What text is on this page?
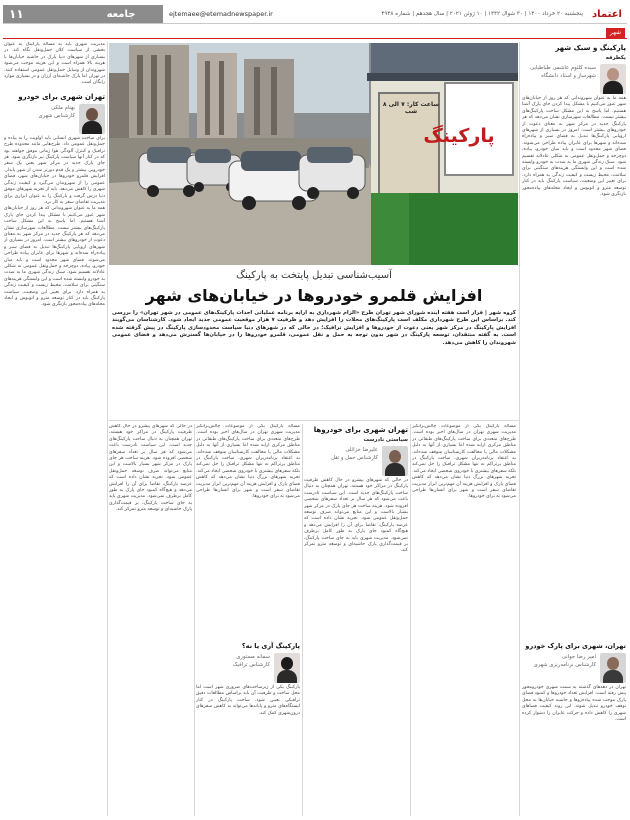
اعتماد
پنجشنبه ۲۰ خرداد ۱۴۰۰ | ۳۰ شوال ۱۴۴۲ | ۱۰ ژوئن ۲۰۲۱ | سال هجدهم | شماره ۴۹۴۸
ejtemaee@etemadnewspaper.ir
جامعه
۱۱
شهر
پارکینگ و سبک شهر
یکطرفه
سیده کلثوم عاشمی طباطبایی
شهرساز و استاد دانشگاه

همه ما به عنوان شهروندانی که هر روز از خیابان‌های شهر عبور می‌کنیم با مشکل پیدا کردن جای پارک آشنا هستیم. اما پاسخ به این مشکل ساخت پارکینگ‌های بیشتر نیست. مطالعات شهرسازی نشان می‌دهد که هر پارکینگ جدید در مرکز شهر به معنای دعوت از خودروهای بیشتر است. امروز در بسیاری از شهرهای اروپایی پارکینگ‌ها تبدیل به فضای سبز و پیاده‌راه شده‌اند و شهرها برای عابران پیاده طراحی می‌شوند. فضای شهر محدود است و باید میان خودرو، پیاده، دوچرخه و حمل‌ونقل عمومی به شکلی عادلانه تقسیم شود. سبک زندگی شهری ما به شدت به خودرو وابسته شده است و این وابستگی هزینه‌های سنگینی برای سلامت، محیط زیست و کیفیت زندگی به همراه دارد. برای تغییر این وضعیت، سیاست پارکینگ باید در کنار توسعه مترو و اتوبوس و ایجاد محله‌های پیاده‌محور بازنگری شود.

تهران، شهری برای پارک خودرو
امیر رضا جوانی
کارشناس برنامه‌ریزی شهری

تهران در دهه‌های گذشته به سمت شهری خودرومحور پیش رفته است. افزایش تعداد خودروها و کمبود فضای پارک موجب شده پیاده‌روها و حاشیه خیابان‌ها به محل توقف خودرو تبدیل شوند. این روند کیفیت فضاهای شهری را کاهش داده و حرکت عابران را دشوار کرده است.

پارکینگ
ساعت کار: ۷ الی ۸ شب
آسیب‌شناسی تبدیل پایتخت به پارکینگ
افزایش قلمرو خودروها در خیابان‌های شهر

گروه شهر | قرار است هفته آینده شورای شهر تهران طرح «الزام شهرداری به ارایه برنامه عملیاتی احداث پارکینگ‌های عمومی در شهر تهران» را بررسی کند. براساس این طرح شهرداری مکلف است پارکینگ‌های محلات را افزایش دهد و ظرفیت ۷ هزار موقعیت عمومی جدید ایجاد شود. کارشناسان می‌گویند افزایش پارکینگ در مرکز شهر یعنی دعوت از خودروها و افزایش ترافیک؛ در حالی که در شهرهای دنیا سیاست محدودسازی پارکینگ در پیش گرفته شده است. به گفته منتقدان، توسعه پارکینگ در شهر بدون توجه به حمل و نقل عمومی، قلمرو خودروها را در خیابان‌ها گسترش می‌دهد و فضای عمومی شهروندان را کاهش می‌دهد.

مساله پارکینگ یکی از موضوعات چالش‌برانگیز مدیریت شهری تهران در سال‌های اخیر بوده است. طرح‌های متعددی برای ساخت پارکینگ‌های طبقاتی در مناطق مرکزی ارایه شده اما بسیاری از آنها به دلیل مشکلات مالی یا مخالفت کارشناسان متوقف شده‌اند. به اعتقاد برنامه‌ریزان شهری، ساخت پارکینگ در مناطق پرتراکم نه تنها مشکل ترافیک را حل نمی‌کند بلکه سفرهای بیشتری با خودروی شخصی ایجاد می‌کند. تجربه شهرهای بزرگ دنیا نشان می‌دهد که کاهش فضای پارک و افزایش هزینه آن مهم‌ترین ابزار مدیریت تقاضای سفر است و شهر برای انسان‌ها طراحی می‌شود نه برای خودروها.

تهران شهری برای خودروها
سیاستی نادرست
علیرضا خزائلی
کارشناس حمل و نقل

در حالی که شهرهای پیشرو در حال کاهش ظرفیت پارکینگ در مراکز خود هستند، تهران همچنان به دنبال ساخت پارکینگ‌های جدید است. این سیاست نادرست باعث می‌شود که هر سال بر تعداد سفرهای شخصی افزوده شود. هزینه ساخت هر جای پارک در مرکز شهر بسیار بالاست و این منابع می‌تواند صرف توسعه حمل‌ونقل عمومی شود. تجربه نشان داده است که عرضه پارکینگ، تقاضا برای آن را افزایش می‌دهد و هیچ‌گاه کمبود جای پارک به طور کامل برطرف نمی‌شود. مدیریت شهری باید به جای ساخت پارکینگ، بر قیمت‌گذاری پارک حاشیه‌ای و توسعه مترو تمرکز کند.

مساله پارکینگ یکی از موضوعات چالش‌برانگیز مدیریت شهری تهران در سال‌های اخیر بوده است. طرح‌های متعددی برای ساخت پارکینگ‌های طبقاتی در مناطق مرکزی ارایه شده اما بسیاری از آنها به دلیل مشکلات مالی یا مخالفت کارشناسان متوقف شده‌اند. به اعتقاد برنامه‌ریزان شهری، ساخت پارکینگ در مناطق پرتراکم نه تنها مشکل ترافیک را حل نمی‌کند بلکه سفرهای بیشتری با خودروی شخصی ایجاد می‌کند. تجربه شهرهای بزرگ دنیا نشان می‌دهد که کاهش فضای پارک و افزایش هزینه آن مهم‌ترین ابزار مدیریت تقاضای سفر است و شهر برای انسان‌ها طراحی می‌شود نه برای خودروها.

پارکینگ آری یا نه؟
سمانه مستوری
کارشناس ترافیک

پارکینگ یکی از زیرساخت‌های ضروری شهر است اما محل ساخت و ظرفیت آن باید براساس مطالعات دقیق ترافیکی تعیین شود. ساخت پارکینگ در کنار ایستگاه‌های مترو و پایانه‌ها می‌تواند به کاهش سفرهای درون‌شهری کمک کند.

در حالی که شهرهای پیشرو در حال کاهش ظرفیت پارکینگ در مراکز خود هستند، تهران همچنان به دنبال ساخت پارکینگ‌های جدید است. این سیاست نادرست باعث می‌شود که هر سال بر تعداد سفرهای شخصی افزوده شود. هزینه ساخت هر جای پارک در مرکز شهر بسیار بالاست و این منابع می‌تواند صرف توسعه حمل‌ونقل عمومی شود. تجربه نشان داده است که عرضه پارکینگ، تقاضا برای آن را افزایش می‌دهد و هیچ‌گاه کمبود جای پارک به طور کامل برطرف نمی‌شود. مدیریت شهری باید به جای ساخت پارکینگ، بر قیمت‌گذاری پارک حاشیه‌ای و توسعه مترو تمرکز کند.

مدیریت شهری باید به مساله پارکینگ به عنوان بخشی از سیاست کلان حمل‌ونقل نگاه کند. در بسیاری از شهرهای دنیا پارک در حاشیه خیابان‌ها با هزینه بالا همراه است و این هزینه موجب می‌شود شهروندان از وسایل حمل‌ونقل عمومی استفاده کنند. در تهران اما پارک حاشیه‌ای ارزان و در بسیاری موارد رایگان است.

تهران شهری برای خودرو
بهنام ملکی
کارشناس شهری

برای ساخت شهری انسانی باید اولویت را به پیاده و حمل‌ونقل عمومی داد. طرح‌هایی مانند محدوده طرح ترافیک و کنترل آلودگی هوا زمانی موفق خواهند بود که در کنار آنها سیاست پارکینگ نیز بازنگری شود. هر جای پارک جدید در مرکز شهر یعنی یک سفر خودرویی بیشتر و یک قدم دورتر شدن از شهر پایدار. افزایش قلمرو خودروها در خیابان‌های شهر، فضای عمومی را از شهروندان می‌گیرد و کیفیت زندگی شهری را کاهش می‌دهد. باید از تجربه شهرهای موفق دنیا درس گرفت و پارکینگ را به عنوان ابزاری برای مدیریت تقاضای سفر به کار برد.

همه ما به عنوان شهروندانی که هر روز از خیابان‌های شهر عبور می‌کنیم با مشکل پیدا کردن جای پارک آشنا هستیم. اما پاسخ به این مشکل ساخت پارکینگ‌های بیشتر نیست. مطالعات شهرسازی نشان می‌دهد که هر پارکینگ جدید در مرکز شهر به معنای دعوت از خودروهای بیشتر است. امروز در بسیاری از شهرهای اروپایی پارکینگ‌ها تبدیل به فضای سبز و پیاده‌راه شده‌اند و شهرها برای عابران پیاده طراحی می‌شوند. فضای شهر محدود است و باید میان خودرو، پیاده، دوچرخه و حمل‌ونقل عمومی به شکلی عادلانه تقسیم شود. سبک زندگی شهری ما به شدت به خودرو وابسته شده است و این وابستگی هزینه‌های سنگینی برای سلامت، محیط زیست و کیفیت زندگی به همراه دارد. برای تغییر این وضعیت، سیاست پارکینگ باید در کنار توسعه مترو و اتوبوس و ایجاد محله‌های پیاده‌محور بازنگری شود.
